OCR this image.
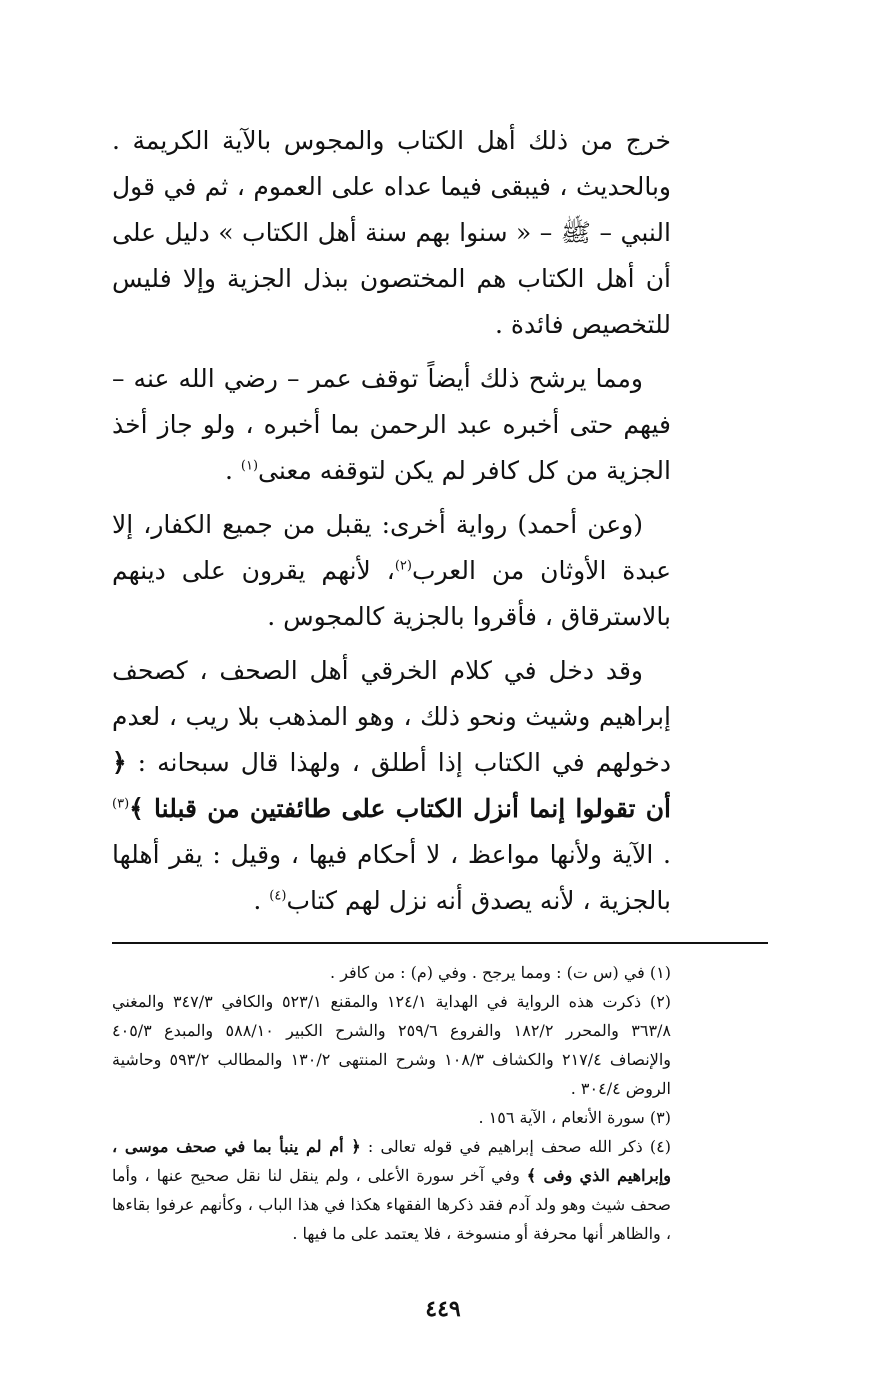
خرج من ذلك أهل الكتاب والمجوس بالآية الكريمة . وبالحديث ، فيبقى فيما عداه على العموم ، ثم في قول النبي – ﷺ – « سنوا بهم سنة أهل الكتاب » دليل على أن أهل الكتاب هم المختصون ببذل الجزية وإلا فليس للتخصيص فائدة .

ومما يرشح ذلك أيضاً توقف عمر – رضي الله عنه – فيهم حتى أخبره عبد الرحمن بما أخبره ، ولو جاز أخذ الجزية من كل كافر لم يكن لتوقفه معنى$^{(١)}$ .

(وعن أحمد) رواية أخرى: يقبل من جميع الكفار، إلا عبدة الأوثان من العرب$^{(٢)}$، لأنهم يقرون على دينهم بالاسترقاق ، فأقروا بالجزية كالمجوس .

وقد دخل في كلام الخرقي أهل الصحف ، كصحف إبراهيم وشيث ونحو ذلك ، وهو المذهب بلا ريب ، لعدم دخولهم في الكتاب إذا أطلق ، ولهذا قال سبحانه : ﴿ أن تقولوا إنما أنزل الكتاب على طائفتين من قبلنا ﴾$^{(٣)}$ . الآية ولأنها مواعظ ، لا أحكام فيها ، وقيل : يقر أهلها بالجزية ، لأنه يصدق أنه نزل لهم كتاب$^{(٤)}$ .

(١) في (س ت) : ومما يرجح . وفي (م) : من كافر .

(٢) ذكرت هذه الرواية في الهداية ١٢٤/١ والمقنع ٥٢٣/١ والكافي ٣٤٧/٣ والمغني ٣٦٣/٨ والمحرر ١٨٢/٢ والفروع ٢٥٩/٦ والشرح الكبير ٥٨٨/١٠ والمبدع ٤٠٥/٣ والإنصاف ٢١٧/٤ والكشاف ١٠٨/٣ وشرح المنتهى ١٣٠/٢ والمطالب ٥٩٣/٢ وحاشية الروض ٣٠٤/٤ .

(٣) سورة الأنعام ، الآية ١٥٦ .

(٤) ذكر الله صحف إبراهيم في قوله تعالى : ﴿ أم لم ينبأ بما في صحف موسى ، وإبراهيم الذي وفى ﴾ وفي آخر سورة الأعلى ، ولم ينقل لنا نقل صحيح عنها ، وأما صحف شيث وهو ولد آدم فقد ذكرها الفقهاء هكذا في هذا الباب ، وكأنهم عرفوا بقاءها ، والظاهر أنها محرفة أو منسوخة ، فلا يعتمد على ما فيها .

٤٤٩
